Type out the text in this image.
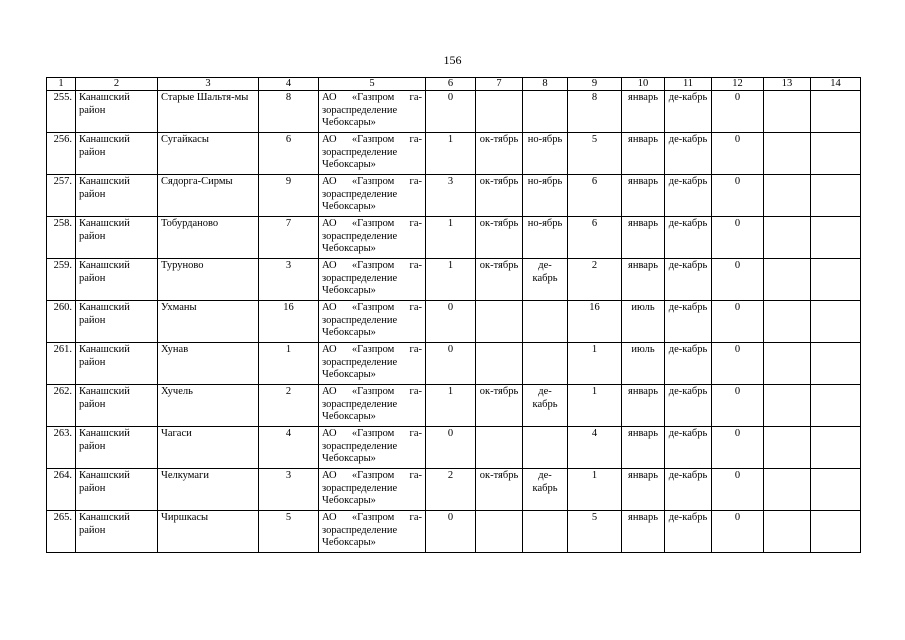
156
1	2	3	4	5	6	7	8	9	10	11	12	13	14
255.	Канашский район	Старые Шальтя-мы	8	АО «Газпром га-зораспределение Чебоксары»	0			8	январь	де-кабрь	0		
256.	Канашский район	Сугайкасы	6	АО «Газпром га-зораспределение Чебоксары»	1	ок-тябрь	но-ябрь	5	январь	де-кабрь	0		
257.	Канашский район	Сядорга-Сирмы	9	АО «Газпром га-зораспределение Чебоксары»	3	ок-тябрь	но-ябрь	6	январь	де-кабрь	0		
258.	Канашский район	Тобурданово	7	АО «Газпром га-зораспределение Чебоксары»	1	ок-тябрь	но-ябрь	6	январь	де-кабрь	0		
259.	Канашский район	Туруново	3	АО «Газпром га-зораспределение Чебоксары»	1	ок-тябрь	де-кабрь	2	январь	де-кабрь	0		
260.	Канашский район	Ухманы	16	АО «Газпром га-зораспределение Чебоксары»	0			16	июль	де-кабрь	0		
261.	Канашский район	Хунав	1	АО «Газпром га-зораспределение Чебоксары»	0			1	июль	де-кабрь	0		
262.	Канашский район	Хучель	2	АО «Газпром га-зораспределение Чебоксары»	1	ок-тябрь	де-кабрь	1	январь	де-кабрь	0		
263.	Канашский район	Чагаси	4	АО «Газпром га-зораспределение Чебоксары»	0			4	январь	де-кабрь	0		
264.	Канашский район	Челкумаги	3	АО «Газпром га-зораспределение Чебоксары»	2	ок-тябрь	де-кабрь	1	январь	де-кабрь	0		
265.	Канашский район	Чиршкасы	5	АО «Газпром га-зораспределение Чебоксары»	0			5	январь	де-кабрь	0		
